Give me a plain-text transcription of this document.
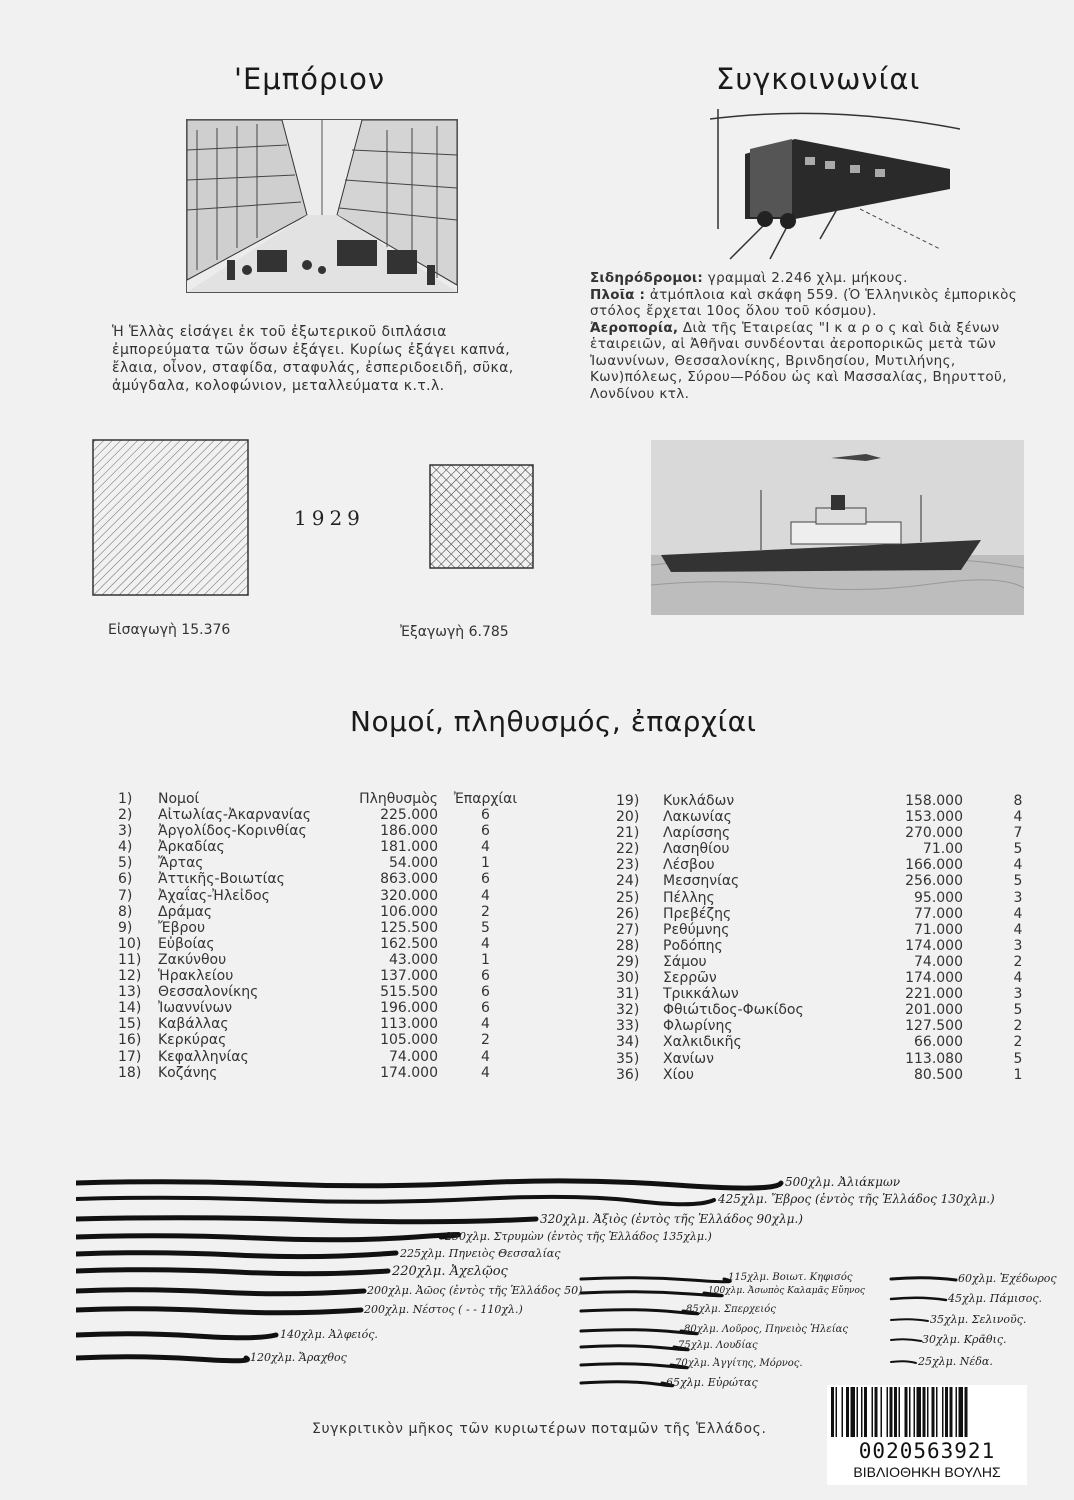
'Εμπόριον
Ἡ Ἑλλὰς εἰσάγει ἐκ τοῦ ἐξωτερικοῦ διπλάσια ἐμπορεύματα τῶν ὅσων ἐξάγει. Κυρίως ἐξάγει καπνά, ἔλαια, οἶνον, σταφίδα, σταφυλάς, ἐσπεριδοειδῆ, σῦκα, ἀμύγδαλα, κολοφώνιον, μεταλλεύματα κ.τ.λ.
Συγκοινωνίαι
Σιδηρόδρομοι: γραμμαὶ 2.246 χλμ. μήκους.
Πλοῖα : ἀτμόπλοια καὶ σκάφη 559. (Ὁ Ἑλληνικὸς ἐμπορικὸς στόλος ἔρχεται 10ος ὅλου τοῦ κόσμου).
Ἀεροπορία, Διὰ τῆς Ἑταιρείας "Ι κ α ρ ο ς καὶ διὰ ξένων ἑταιρειῶν, αἱ Ἀθῆναι συνδέονται ἀεροπορικῶς μετὰ τῶν Ἰωαννίνων, Θεσσαλονίκης, Βρινδησίου, Μυτιλήνης, Κων)πόλεως, Σύρου—Ρόδου ὡς καὶ Μασσαλίας, Βηρυττοῦ, Λονδίνου κτλ.
1929
Εἰσαγωγὴ 15.376	Ἐξαγωγὴ 6.785
Νομοί, πληθυσμός, ἐπαρχίαι
1)	Νομοί	Πληθυσμὸς	Ἐπαρχίαι
2)	Αἰτωλίας-Ἀκαρνανίας	225.000	6
3)	Ἀργολίδος-Κορινθίας	186.000	6
4)	Ἀρκαδίας	181.000	4
5)	Ἄρτας	54.000	1
6)	Ἀττικῆς-Βοιωτίας	863.000	6
7)	Ἀχαΐας-Ἠλεἰδος	320.000	4
8)	Δράμας	106.000	2
9)	Ἔβρου	125.500	5
10)	Εὐβοίας	162.500	4
11)	Ζακύνθου	43.000	1
12)	Ἡρακλείου	137.000	6
13)	Θεσσαλονίκης	515.500	6
14)	Ἰωαννίνων	196.000	6
15)	Καβάλλας	113.000	4
16)	Κερκύρας	105.000	2
17)	Κεφαλληνίας	74.000	4
18)	Κοζάνης	174.000	4
19)	Κυκλάδων	158.000	8
20)	Λακωνίας	153.000	4
21)	Λαρίσσης	270.000	7
22)	Λασηθίου	71.00	5
23)	Λέσβου	166.000	4
24)	Μεσσηνίας	256.000	5
25)	Πέλλης	95.000	3
26)	Πρεβέζης	77.000	4
27)	Ρεθύμνης	71.000	4
28)	Ροδόπης	174.000	3
29)	Σάμου	74.000	2
30)	Σερρῶν	174.000	4
31)	Τρικκάλων	221.000	3
32)	Φθιώτιδος-Φωκίδος	201.000	5
33)	Φλωρίνης	127.500	2
34)	Χαλκιδικῆς	66.000	2
35)	Χανίων	113.080	5
36)	Χίου	80.500	1
500χλμ. Ἀλιάκμων
425χλμ. Ἔβρος (ἐντὸς τῆς Ἑλλάδος 130χλμ.)
320χλμ. Ἀξιὸς (ἐντὸς τῆς Ἑλλάδος 90χλμ.)
250χλμ. Στρυμὼν (ἐντὸς τῆς Ἑλλάδος 135χλμ.)
225χλμ. Πηνειὸς Θεσσαλίας
220χλμ. Ἀχελῷος
200χλμ. Ἀῶος (ἐντὸς τῆς Ἑλλάδος 50)
200χλμ. Νέστος ( - - 110χλ.)
140χλμ. Ἀλφειός.
120χλμ. Ἄραχθος
115χλμ. Βοιωτ. Κηφισός
100χλμ. Ἀσωπὸς Καλαμᾶς Εὔηνος
85χλμ. Σπερχειός
80χλμ. Λοῦρος, Πηνειὸς Ἠλείας
75χλμ. Λουδίας
70χλμ. Ἀγγίτης, Μόρνος.
65χλμ. Εὐρώτας
60χλμ. Ἐχέδωρος
45χλμ. Πάμισος.
35χλμ. Σελινοῦς.
30χλμ. Κρᾶθις.
25χλμ. Νέδα.
Συγκριτικὸν μῆκος τῶν κυριωτέρων ποταμῶν τῆς Ἑλλάδος.
0020563921
ΒΙΒΛΙΟΘΗΚΗ ΒΟΥΛΗΣ
